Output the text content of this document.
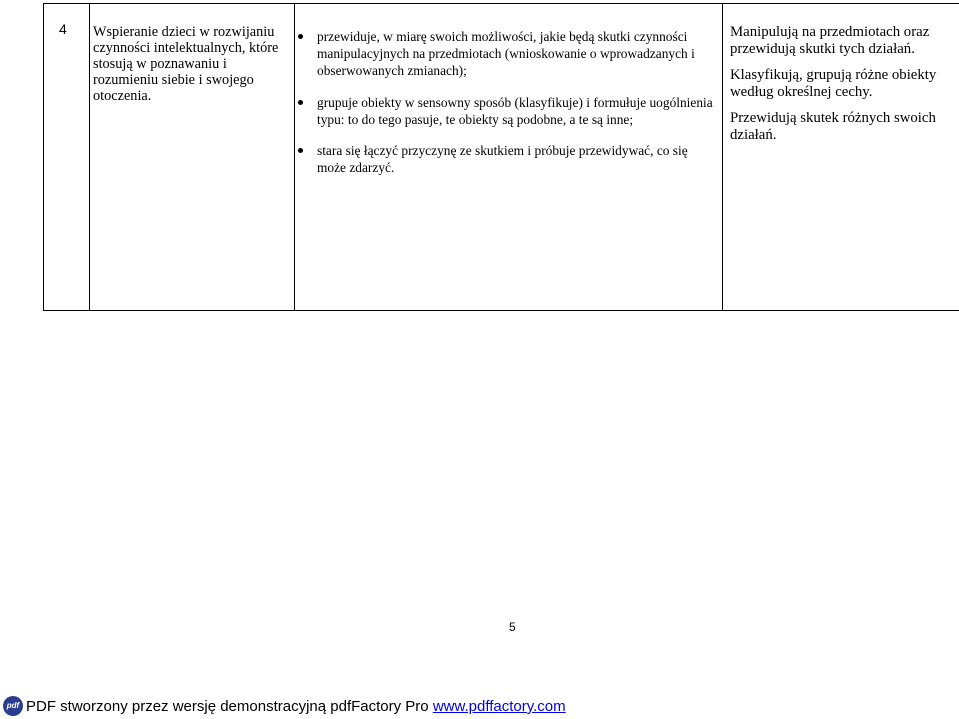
4 Wspieranie dzieci w rozwijaniu czynności intelektualnych, które stosują w poznawaniu i rozumieniu siebie i swojego otoczenia.
przewiduje, w miarę swoich możliwości, jakie będą skutki czynności manipulacyjnych na przedmiotach (wnioskowanie o wprowadzanych i obserwowanych zmianach);
grupuje obiekty w sensowny sposób (klasyfikuje) i formułuje uogólnienia typu: to do tego pasuje, te obiekty są podobne, a te są inne;
stara się łączyć przyczynę ze skutkiem i próbuje przewidywać, co się może zdarzyć.

Manipulują na przedmiotach oraz przewidują skutki tych działań.

Klasyfikują, grupują różne obiekty według określnej cechy.

Przewidują skutek różnych swoich działań.

5
pdf PDF stworzony przez wersję demonstracyjną pdfFactory Pro www.pdffactory.com
